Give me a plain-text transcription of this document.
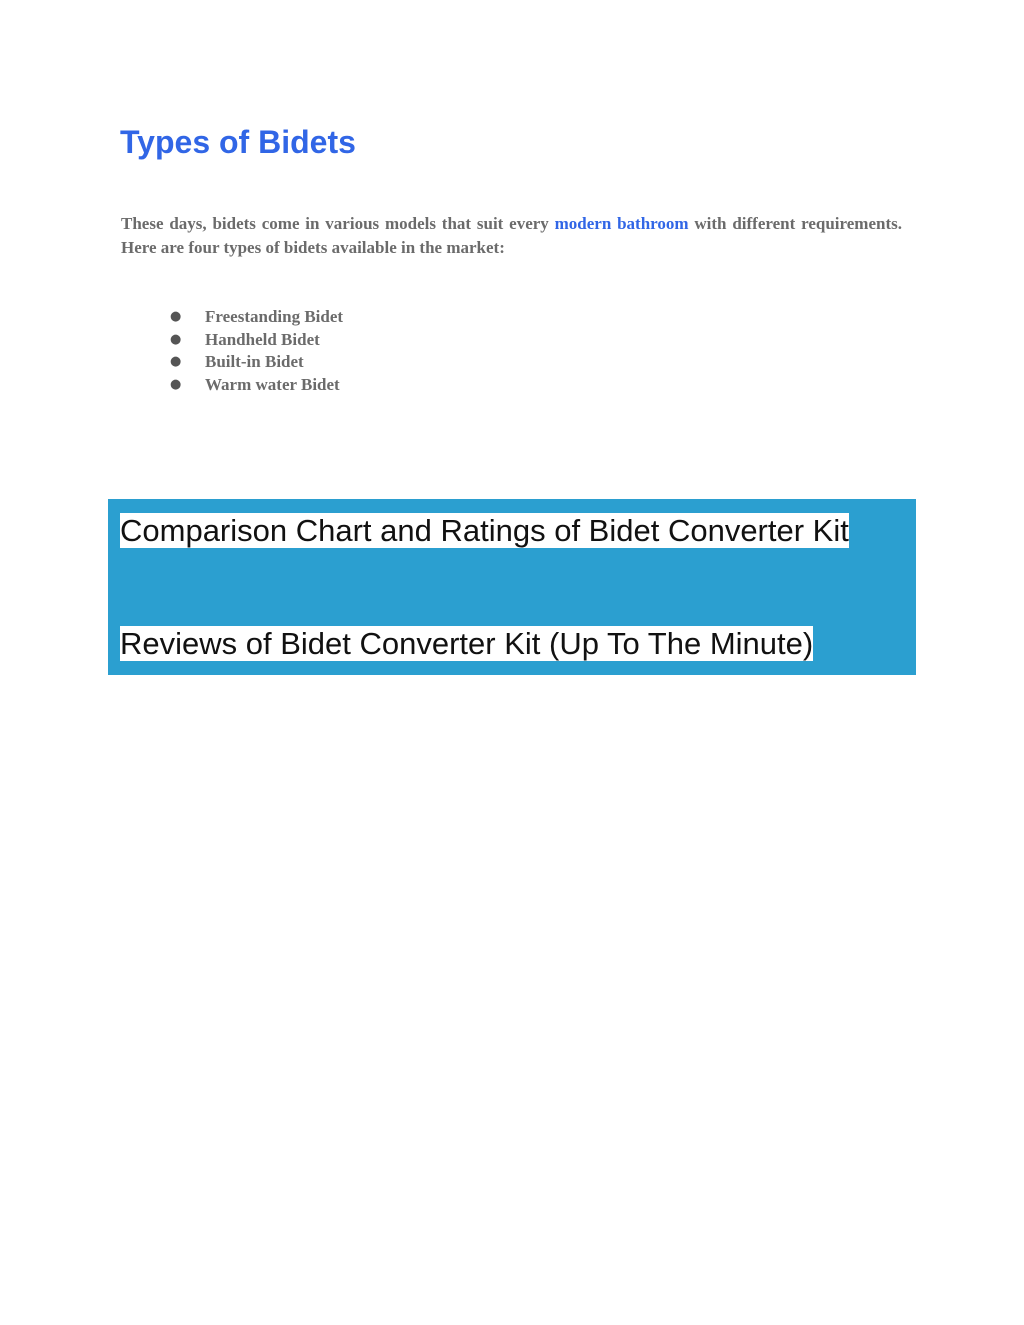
Types of Bidets

These days, bidets come in various models that suit every modern bathroom with different requirements. Here are four types of bidets available in the market:

● Freestanding Bidet
● Handheld Bidet
● Built-in Bidet
● Warm water Bidet
Comparison Chart and Ratings of Bidet Converter Kit
Reviews of Bidet Converter Kit (Up To The Minute)
